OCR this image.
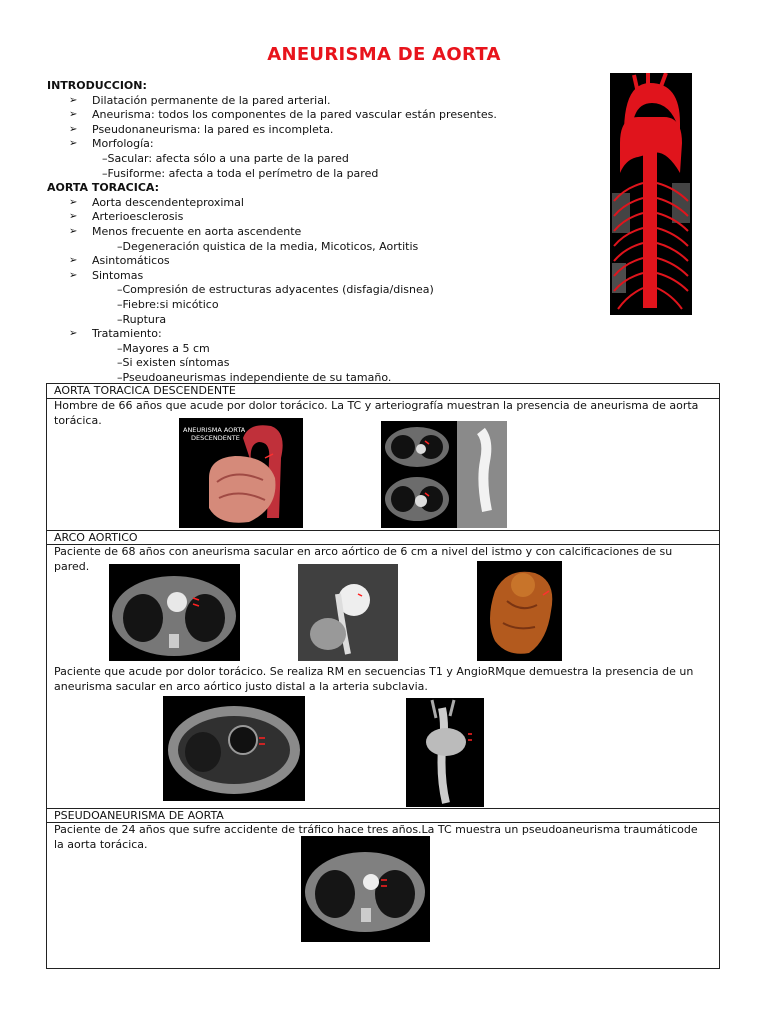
ANEURISMA DE AORTA
INTRODUCCION:
➢ Dilatación permanente de la pared arterial.
➢ Aneurisma: todos los componentes de la pared vascular están presentes.
➢ Pseudonaneurisma: la pared es incompleta.
➢ Morfología:
–Sacular: afecta sólo a una parte de la pared
–Fusiforme: afecta a toda el perímetro de la pared
AORTA TORACICA:
➢ Aorta descendenteproximal
➢ Arterioesclerosis
➢ Menos frecuente en aorta ascendente
–Degeneración quistica de la media, Micoticos, Aortitis
➢ Asintomáticos
➢ Sintomas
–Compresión de estructuras adyacentes (disfagia/disnea)
–Fiebre:si micótico
–Ruptura
➢ Tratamiento:
–Mayores a 5 cm
–Si existen síntomas
–Pseudoaneurismas independiente de su tamaño.
AORTA TORACICA DESCENDENTE
Hombre de 66 años que acude por dolor torácico. La TC y arteriografía muestran la presencia de aneurisma de aorta torácica.
ANEURISMA AORTA
DESCENDENTE
ARCO AORTICO
Paciente de 68 años con aneurisma sacular en arco aórtico de 6 cm a nivel del istmo y con calcificaciones de su pared.
Paciente que acude por dolor torácico. Se realiza RM en secuencias T1 y AngioRMque demuestra la presencia de un aneurisma sacular en arco aórtico justo distal a la arteria subclavia.
PSEUDOANEURISMA DE AORTA
Paciente de 24 años que sufre accidente de tráfico hace tres años.La TC muestra un pseudoaneurisma traumáticode la aorta torácica.
